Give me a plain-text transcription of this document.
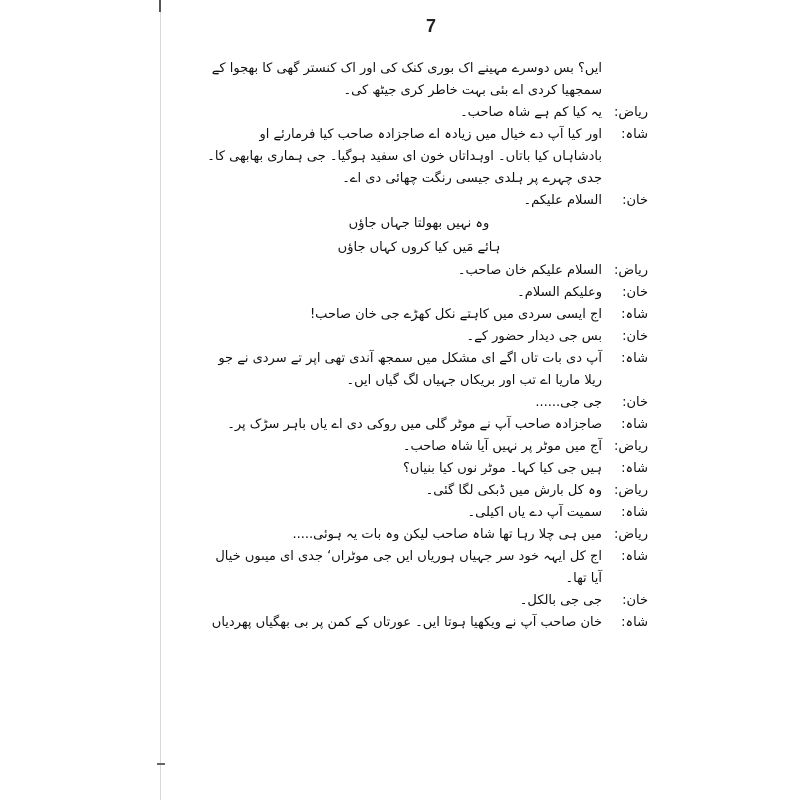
7
ایں؟ بس دوسرے مہینے اک بوری کنک کی اور اک کنستر گھی کا بھجوا کے
سمجھیا کردی اے بئی بہت خاطر کری جیٹھ کی۔
ریاض:
یہ کیا کم ہے شاہ صاحب۔
شاہ:
اور کیا آپ دے خیال میں زیادہ اے صاجزادہ صاحب کیا فرمارئے او
بادشاہاں کیا باتاں۔ اوہداتاں خون ای سفید ہوگیا۔ جی ہماری بھابھی کا۔
جدی چہرے پر ہلدی جیسی رنگت چھائی دی اے۔
خان:
السلام علیکم۔
وہ نہیں بھولتا جہاں جاؤں
ہائے مَیں کیا کروں کہاں جاؤں
ریاض:
السلام علیکم خان صاحب۔
خان:
وعلیکم السلام۔
شاہ:
اج ایسی سردی میں کاہتے نکل کھڑے جی خان صاحب!
خان:
بس جی دیدار حضور کے۔
شاہ:
آپ دی بات تاں اگے ای مشکل میں سمجھ آندی تھی اپر تے سردی نے جو
ریلا ماریا اے تب اور بریکاں جہیاں لگ گیاں ایں۔
خان:
جی جی......
شاہ:
صاجزادہ صاحب آپ نے موٹر گلی میں روکی دی اے یاں باہر سڑک پر۔
ریاض:
آج میں موٹر پر نہیں آیا شاہ صاحب۔
شاہ:
ہیں جی کیا کہا۔ موٹر نوں کیا بنیاں؟
ریاض:
وہ کل بارش میں ڈبکی لگا گئی۔
شاہ:
سمیت آپ دے یاں اکیلی۔
ریاض:
میں ہی چلا رہا تھا شاہ صاحب لیکن وہ بات یہ ہوئی.....
شاہ:
اج کل ایہہ خود سر جہیاں ہوریاں ایں جی موٹراں‘ جدی ای میںوں خیال
آیا تھا۔
خان:
جی جی بالکل۔
شاہ:
خان صاحب آپ نے ویکھیا ہوتا ایں۔ عورتاں کے کمن پر بی بھگیاں پھردیاں
